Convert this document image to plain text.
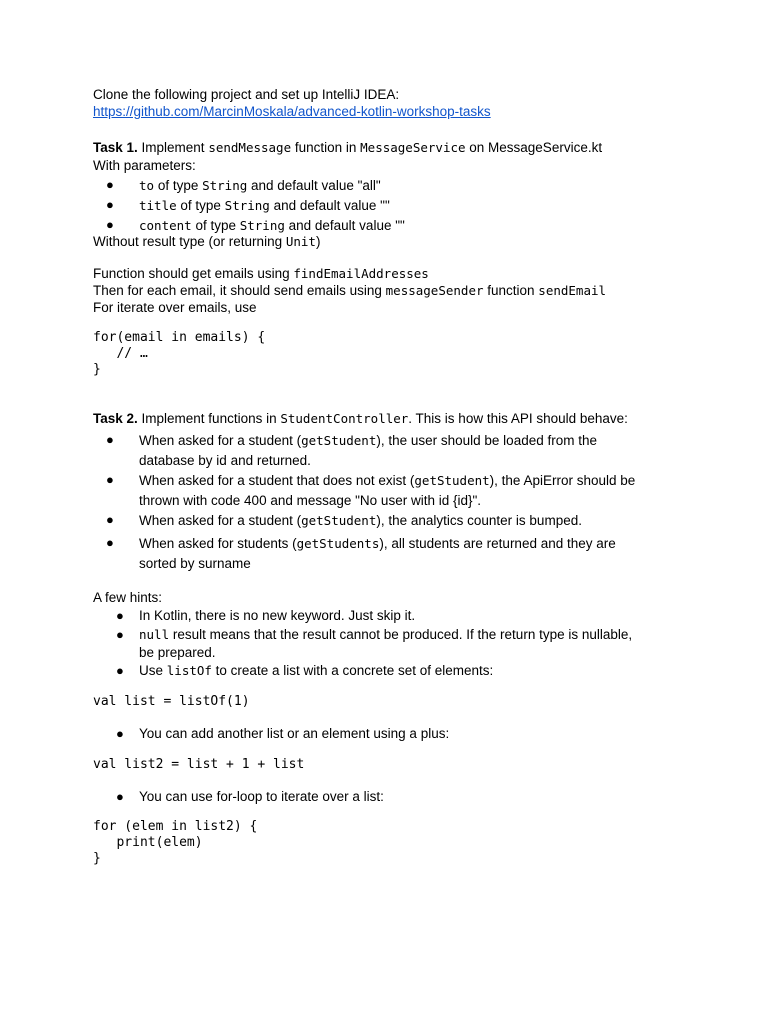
Clone the following project and set up IntelliJ IDEA:
https://github.com/MarcinMoskala/advanced-kotlin-workshop-tasks
Task 1. Implement sendMessage function in MessageService on MessageService.kt
With parameters:
● to of type String and default value "all"
● title of type String and default value ""
● content of type String and default value ""
Without result type (or returning Unit)
Function should get emails using findEmailAddresses
Then for each email, it should send emails using messageSender function sendEmail
For iterate over emails, use
for(email in emails) {
// …
}
Task 2. Implement functions in StudentController. This is how this API should behave:
● When asked for a student (getStudent), the user should be loaded from the
database by id and returned.
● When asked for a student that does not exist (getStudent), the ApiError should be
thrown with code 400 and message "No user with id {id}".
● When asked for a student (getStudent), the analytics counter is bumped.
● When asked for students (getStudents), all students are returned and they are
sorted by surname
A few hints:
● In Kotlin, there is no new keyword. Just skip it.
● null result means that the result cannot be produced. If the return type is nullable,
be prepared.
● Use listOf to create a list with a concrete set of elements:
val list = listOf(1)
● You can add another list or an element using a plus:
val list2 = list + 1 + list
● You can use for-loop to iterate over a list:
for (elem in list2) {
print(elem)
}
